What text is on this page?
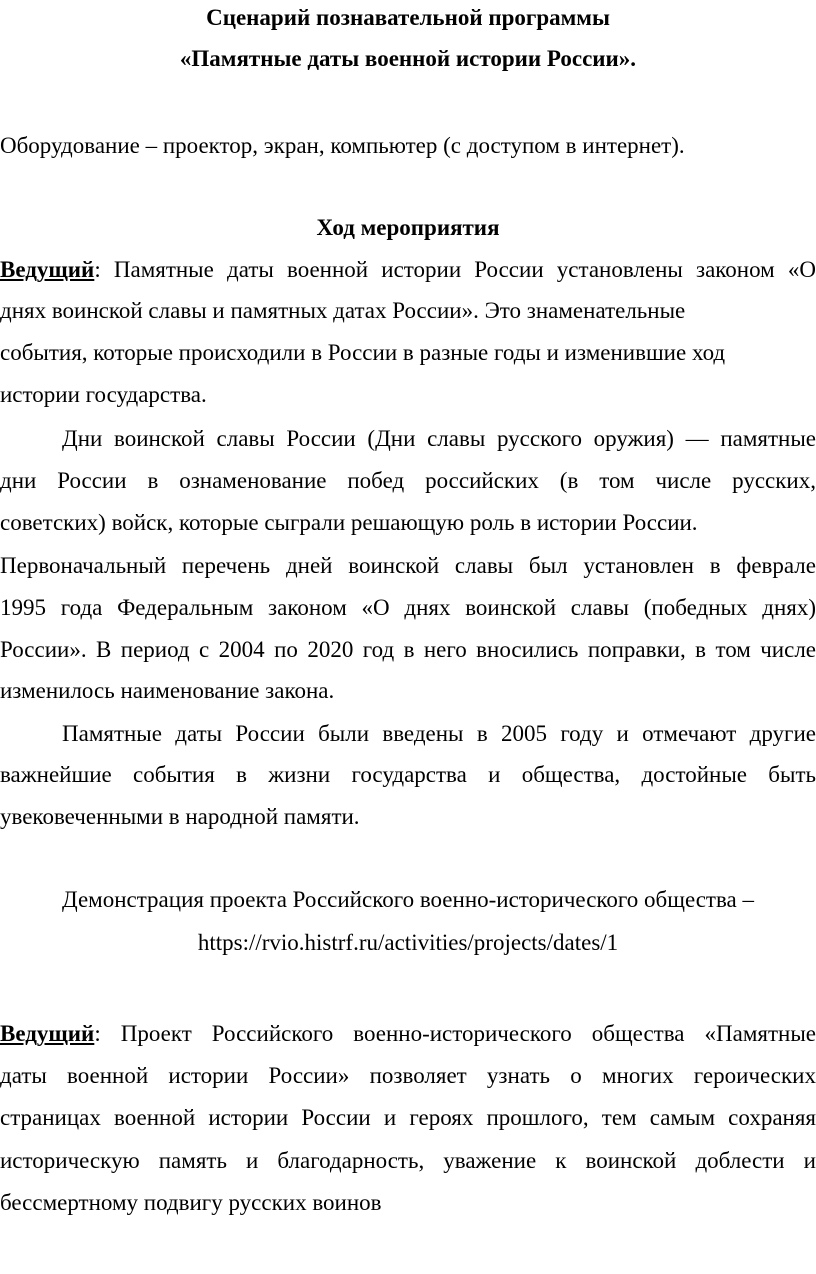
Сценарий познавательной программы
«Памятные даты военной истории России».
Оборудование – проектор, экран, компьютер (с доступом в интернет).
Ход мероприятия
Ведущий: Памятные даты военной истории России установлены законом «О
днях воинской славы и памятных датах России». Это знаменательные
события, которые происходили в России в разные годы и изменившие ход
истории государства.
Дни воинской славы России (Дни славы русского оружия) — памятные
дни России в ознаменование побед российских (в том числе русских,
советских) войск, которые сыграли решающую роль в истории России.
Первоначальный перечень дней воинской славы был установлен в феврале
1995 года Федеральным законом «О днях воинской славы (победных днях)
России». В период с 2004 по 2020 год в него вносились поправки, в том числе
изменилось наименование закона.
Памятные даты России были введены в 2005 году и отмечают другие
важнейшие события в жизни государства и общества, достойные быть
увековеченными в народной памяти.
Демонстрация проекта Российского военно-исторического общества –
https://rvio.histrf.ru/activities/projects/dates/1
Ведущий: Проект Российского военно-исторического общества «Памятные
даты военной истории России» позволяет узнать о многих героических
страницах военной истории России и героях прошлого, тем самым сохраняя
историческую память и благодарность, уважение к воинской доблести и
бессмертному подвигу русских воинов
